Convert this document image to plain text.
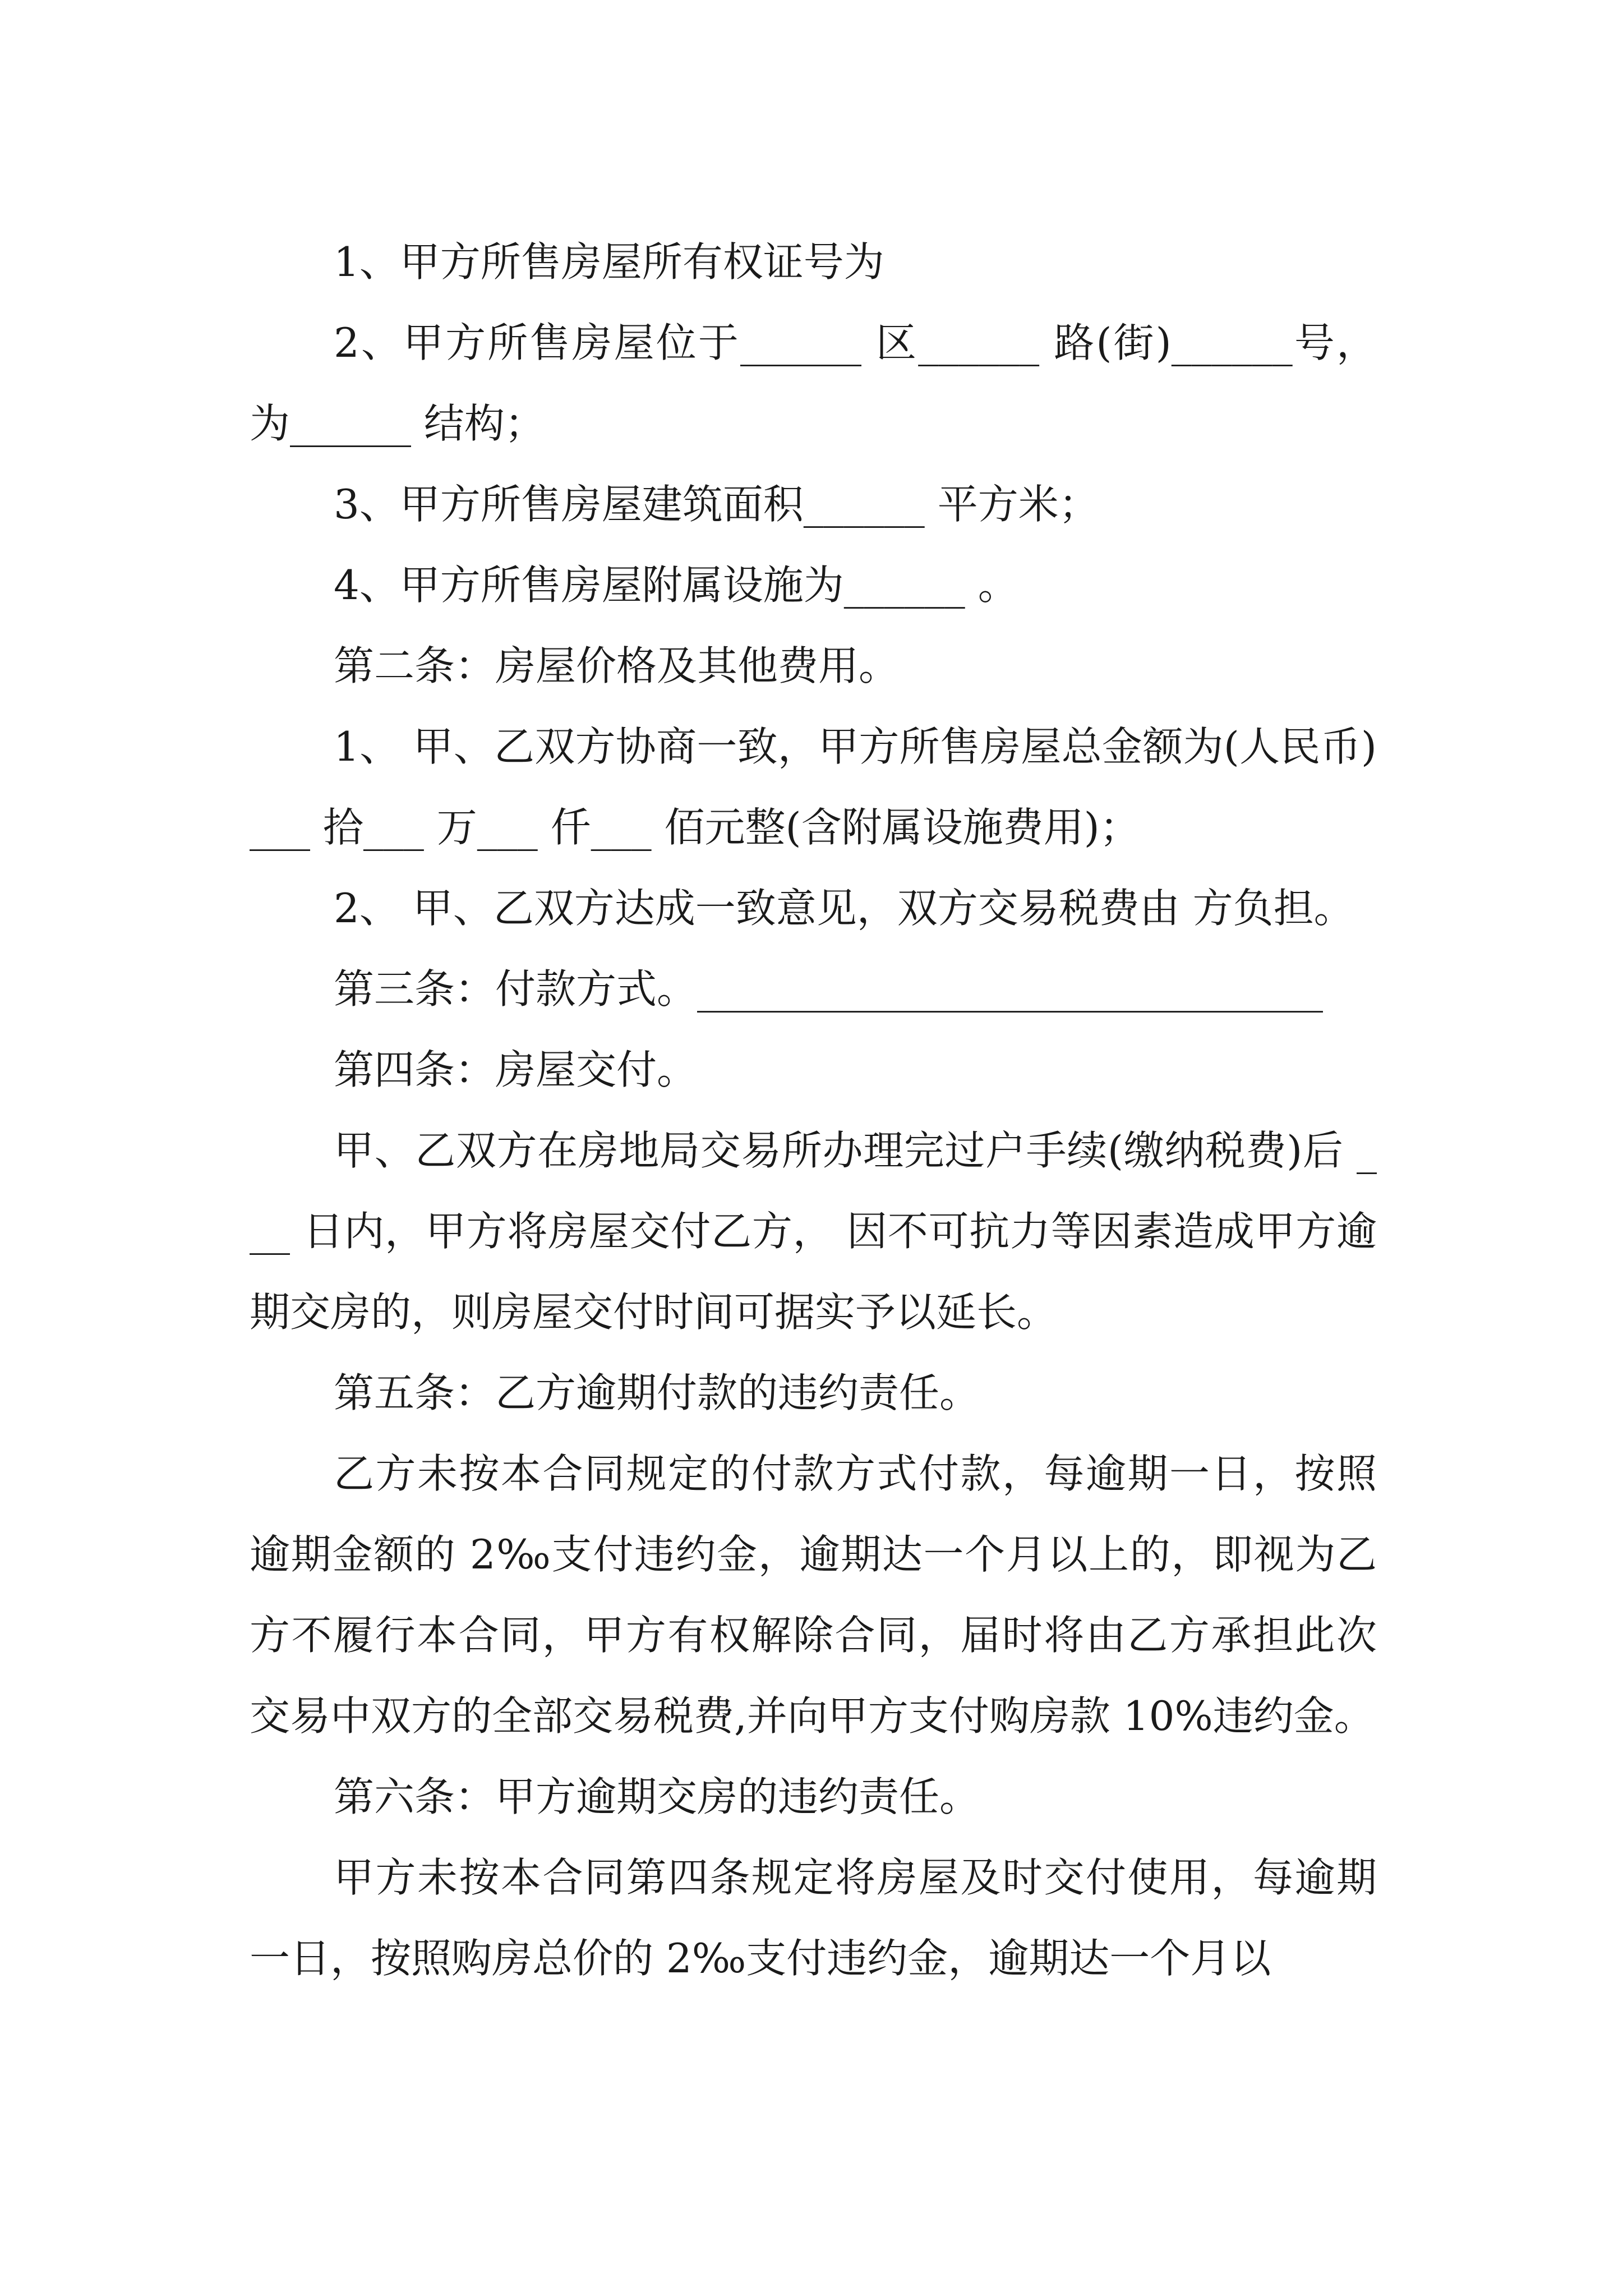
1、甲方所售房屋所有权证号为

2、甲方所售房屋位于______ 区______ 路(街)______号，为______ 结构；

3、甲方所售房屋建筑面积______ 平方米；

4、甲方所售房屋附属设施为______ 。

第二条：房屋价格及其他费用。

1、 甲、乙双方协商一致，甲方所售房屋总金额为(人民币)___ 拾___ 万___ 仟___ 佰元整(含附属设施费用)；

2、 甲、乙双方达成一致意见，双方交易税费由 方负担。

第三条：付款方式。_______________________________

第四条：房屋交付。

甲、乙双方在房地局交易所办理完过户手续(缴纳税费)后 ___ 日内，甲方将房屋交付乙方， 因不可抗力等因素造成甲方逾期交房的，则房屋交付时间可据实予以延长。

第五条：乙方逾期付款的违约责任。

乙方未按本合同规定的付款方式付款，每逾期一日，按照逾期金额的 2‰支付违约金，逾期达一个月以上的，即视为乙方不履行本合同，甲方有权解除合同，届时将由乙方承担此次交易中双方的全部交易税费,并向甲方支付购房款 10%违约金。

第六条：甲方逾期交房的违约责任。

甲方未按本合同第四条规定将房屋及时交付使用，每逾期一日，按照购房总价的 2‰支付违约金，逾期达一个月以
